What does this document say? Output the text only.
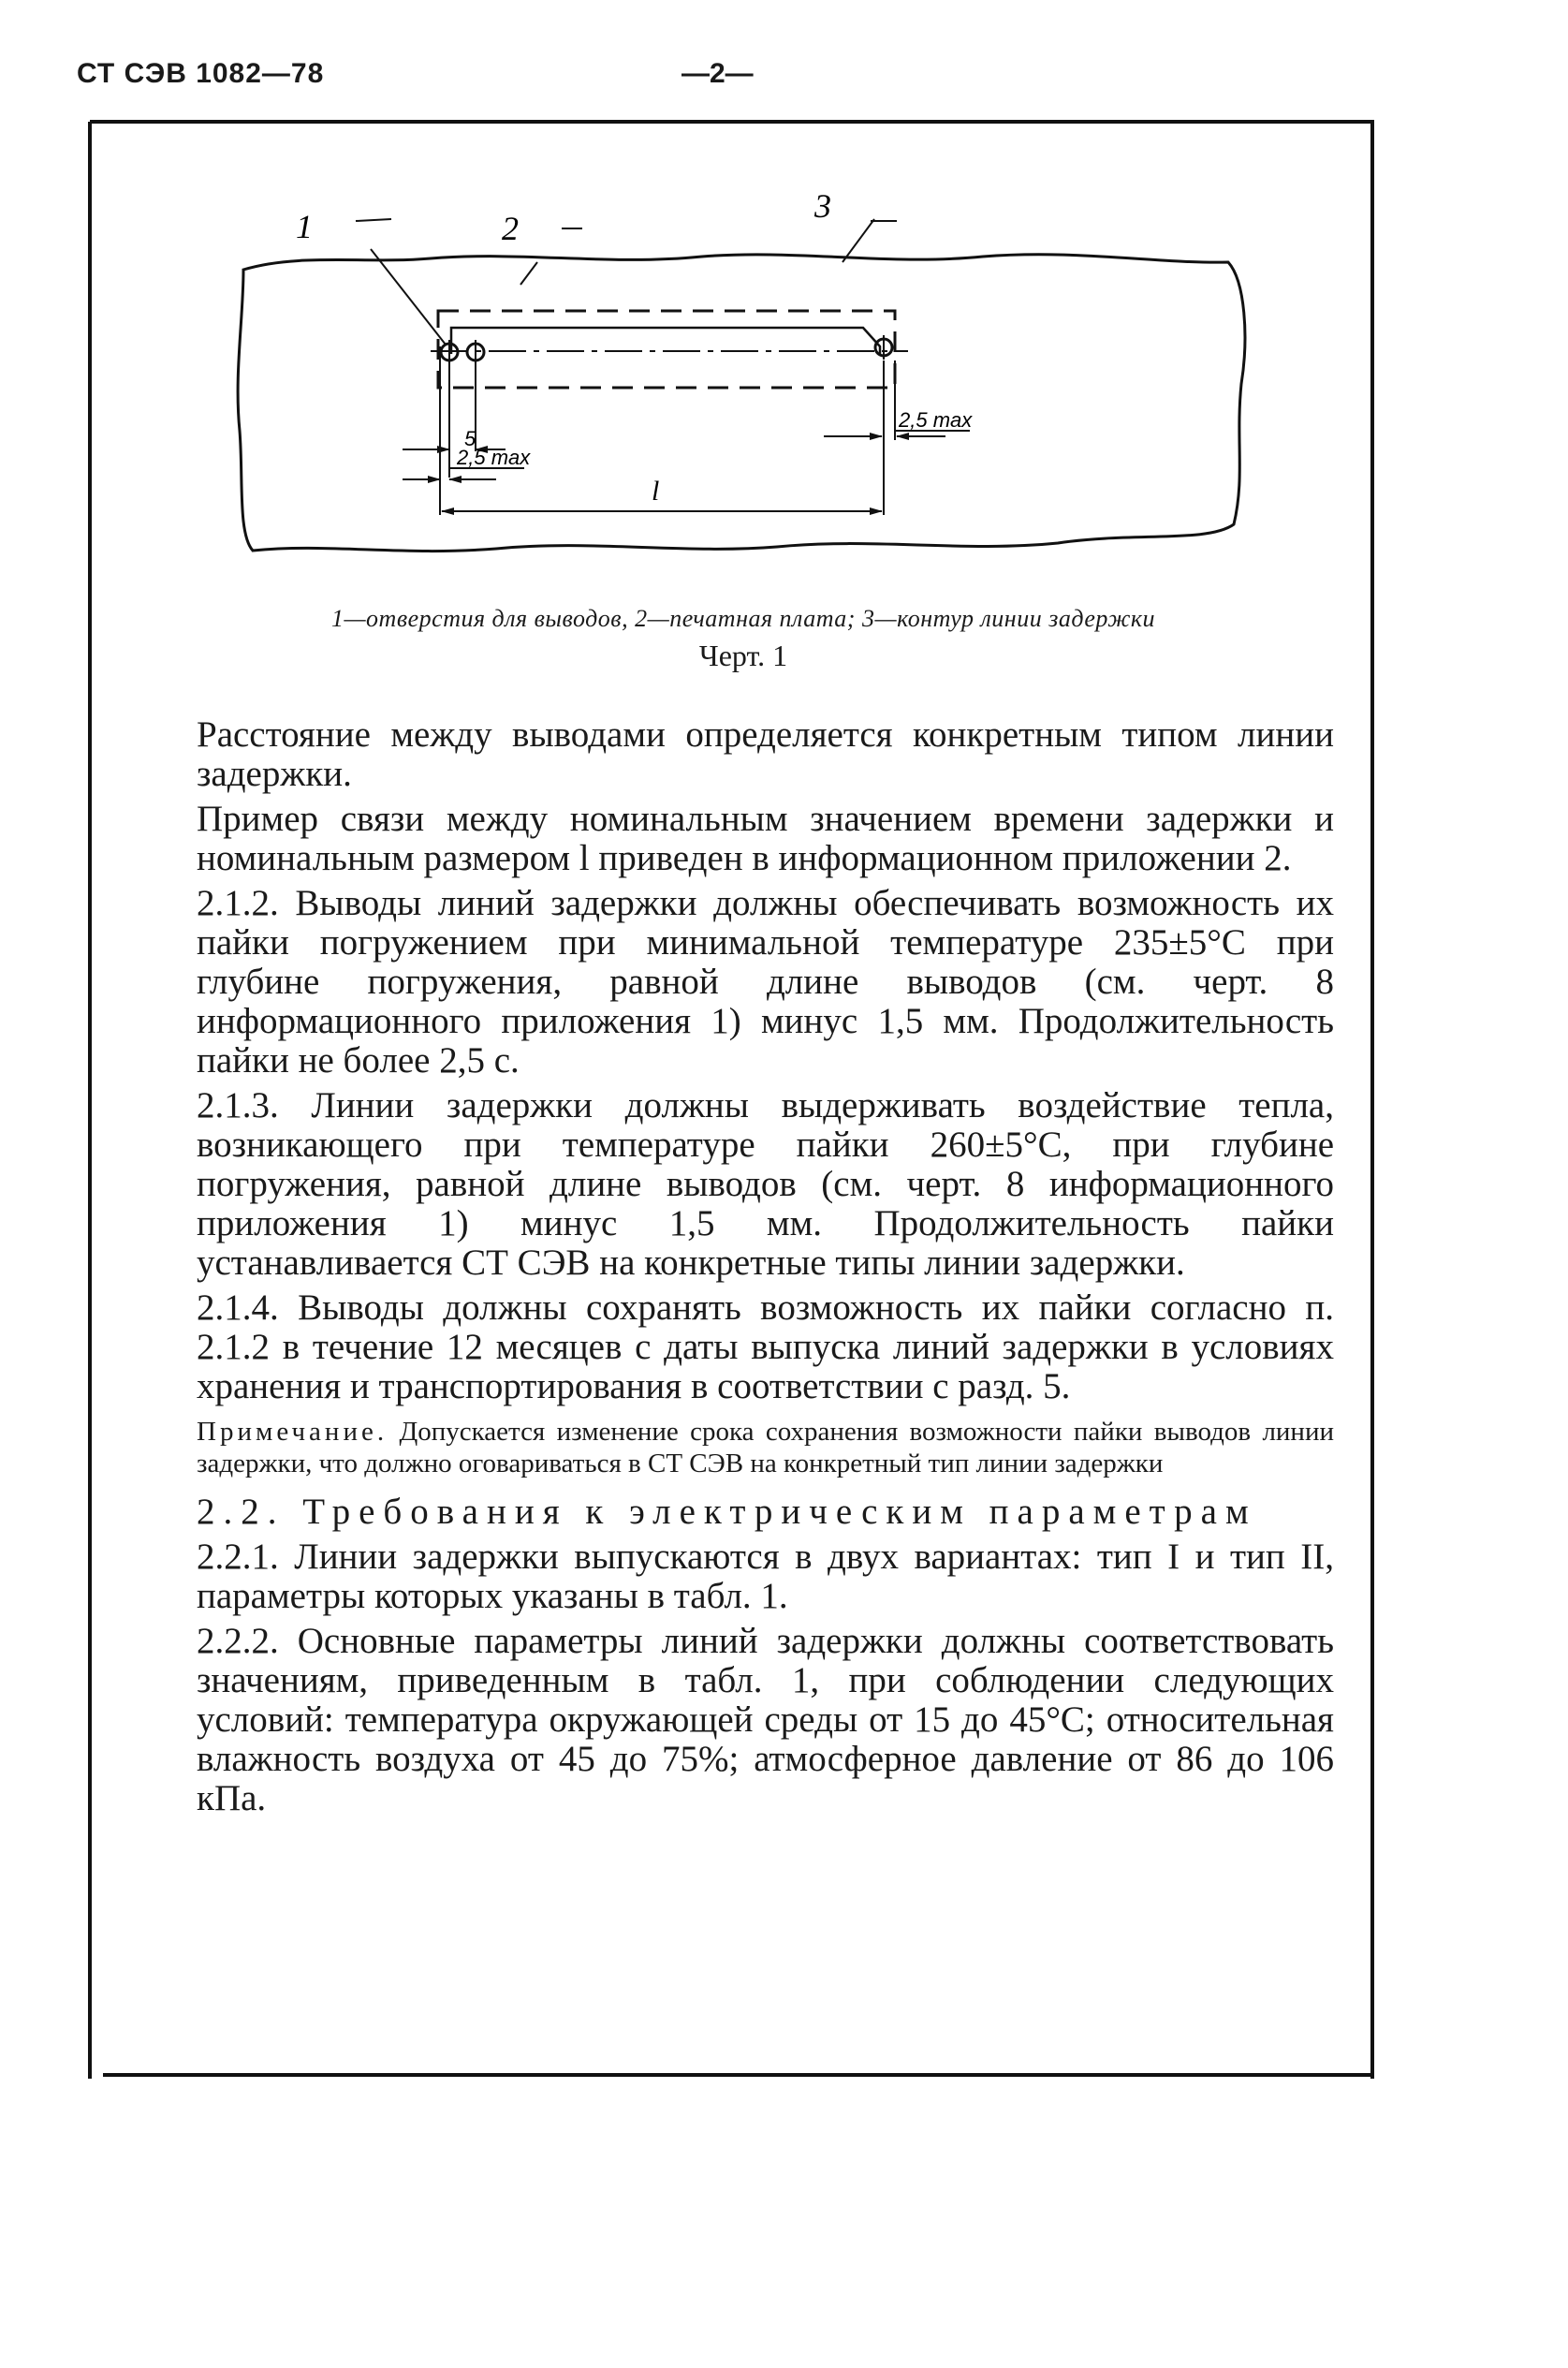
СТ СЭВ 1082—78	—2—
1	2
3
5
2,5 max
2,5 max
l
1—отверстия для выводов, 2—печатная плата; 3—контур линии задержки
Черт. 1

Расстояние между выводами определяется конкретным типом линии задержки.

Пример связи между номинальным значением времени задержки и номинальным размером l приведен в информационном приложении 2.

2.1.2. Выводы линий задержки должны обеспечивать возможность их пайки погружением при минимальной температуре 235±5°С при глубине погружения, равной длине выводов (см. черт. 8 информационного приложения 1) минус 1,5 мм. Продолжительность пайки не более 2,5 с.

2.1.3. Линии задержки должны выдерживать воздействие тепла, возникающего при температуре пайки 260±5°С, при глубине погружения, равной длине выводов (см. черт. 8 информационного приложения 1) минус 1,5 мм. Продолжительность пайки устанавливается СТ СЭВ на конкретные типы линии задержки.

2.1.4. Выводы должны сохранять возможность их пайки согласно п. 2.1.2 в течение 12 месяцев с даты выпуска линий задержки в условиях хранения и транспортирования в соответствии с разд. 5.

Примечание. Допускается изменение срока сохранения возможности пайки выводов линии задержки, что должно оговариваться в СТ СЭВ на конкретный тип линии задержки

2.2. Требования к электрическим параметрам

2.2.1. Линии задержки выпускаются в двух вариантах: тип I и тип II, параметры которых указаны в табл. 1.

2.2.2. Основные параметры линий задержки должны соответствовать значениям, приведенным в табл. 1, при соблюдении следующих условий: температура окружающей среды от 15 до 45°С; относительная влажность воздуха от 45 до 75%; атмосферное давление от 86 до 106 кПа.
